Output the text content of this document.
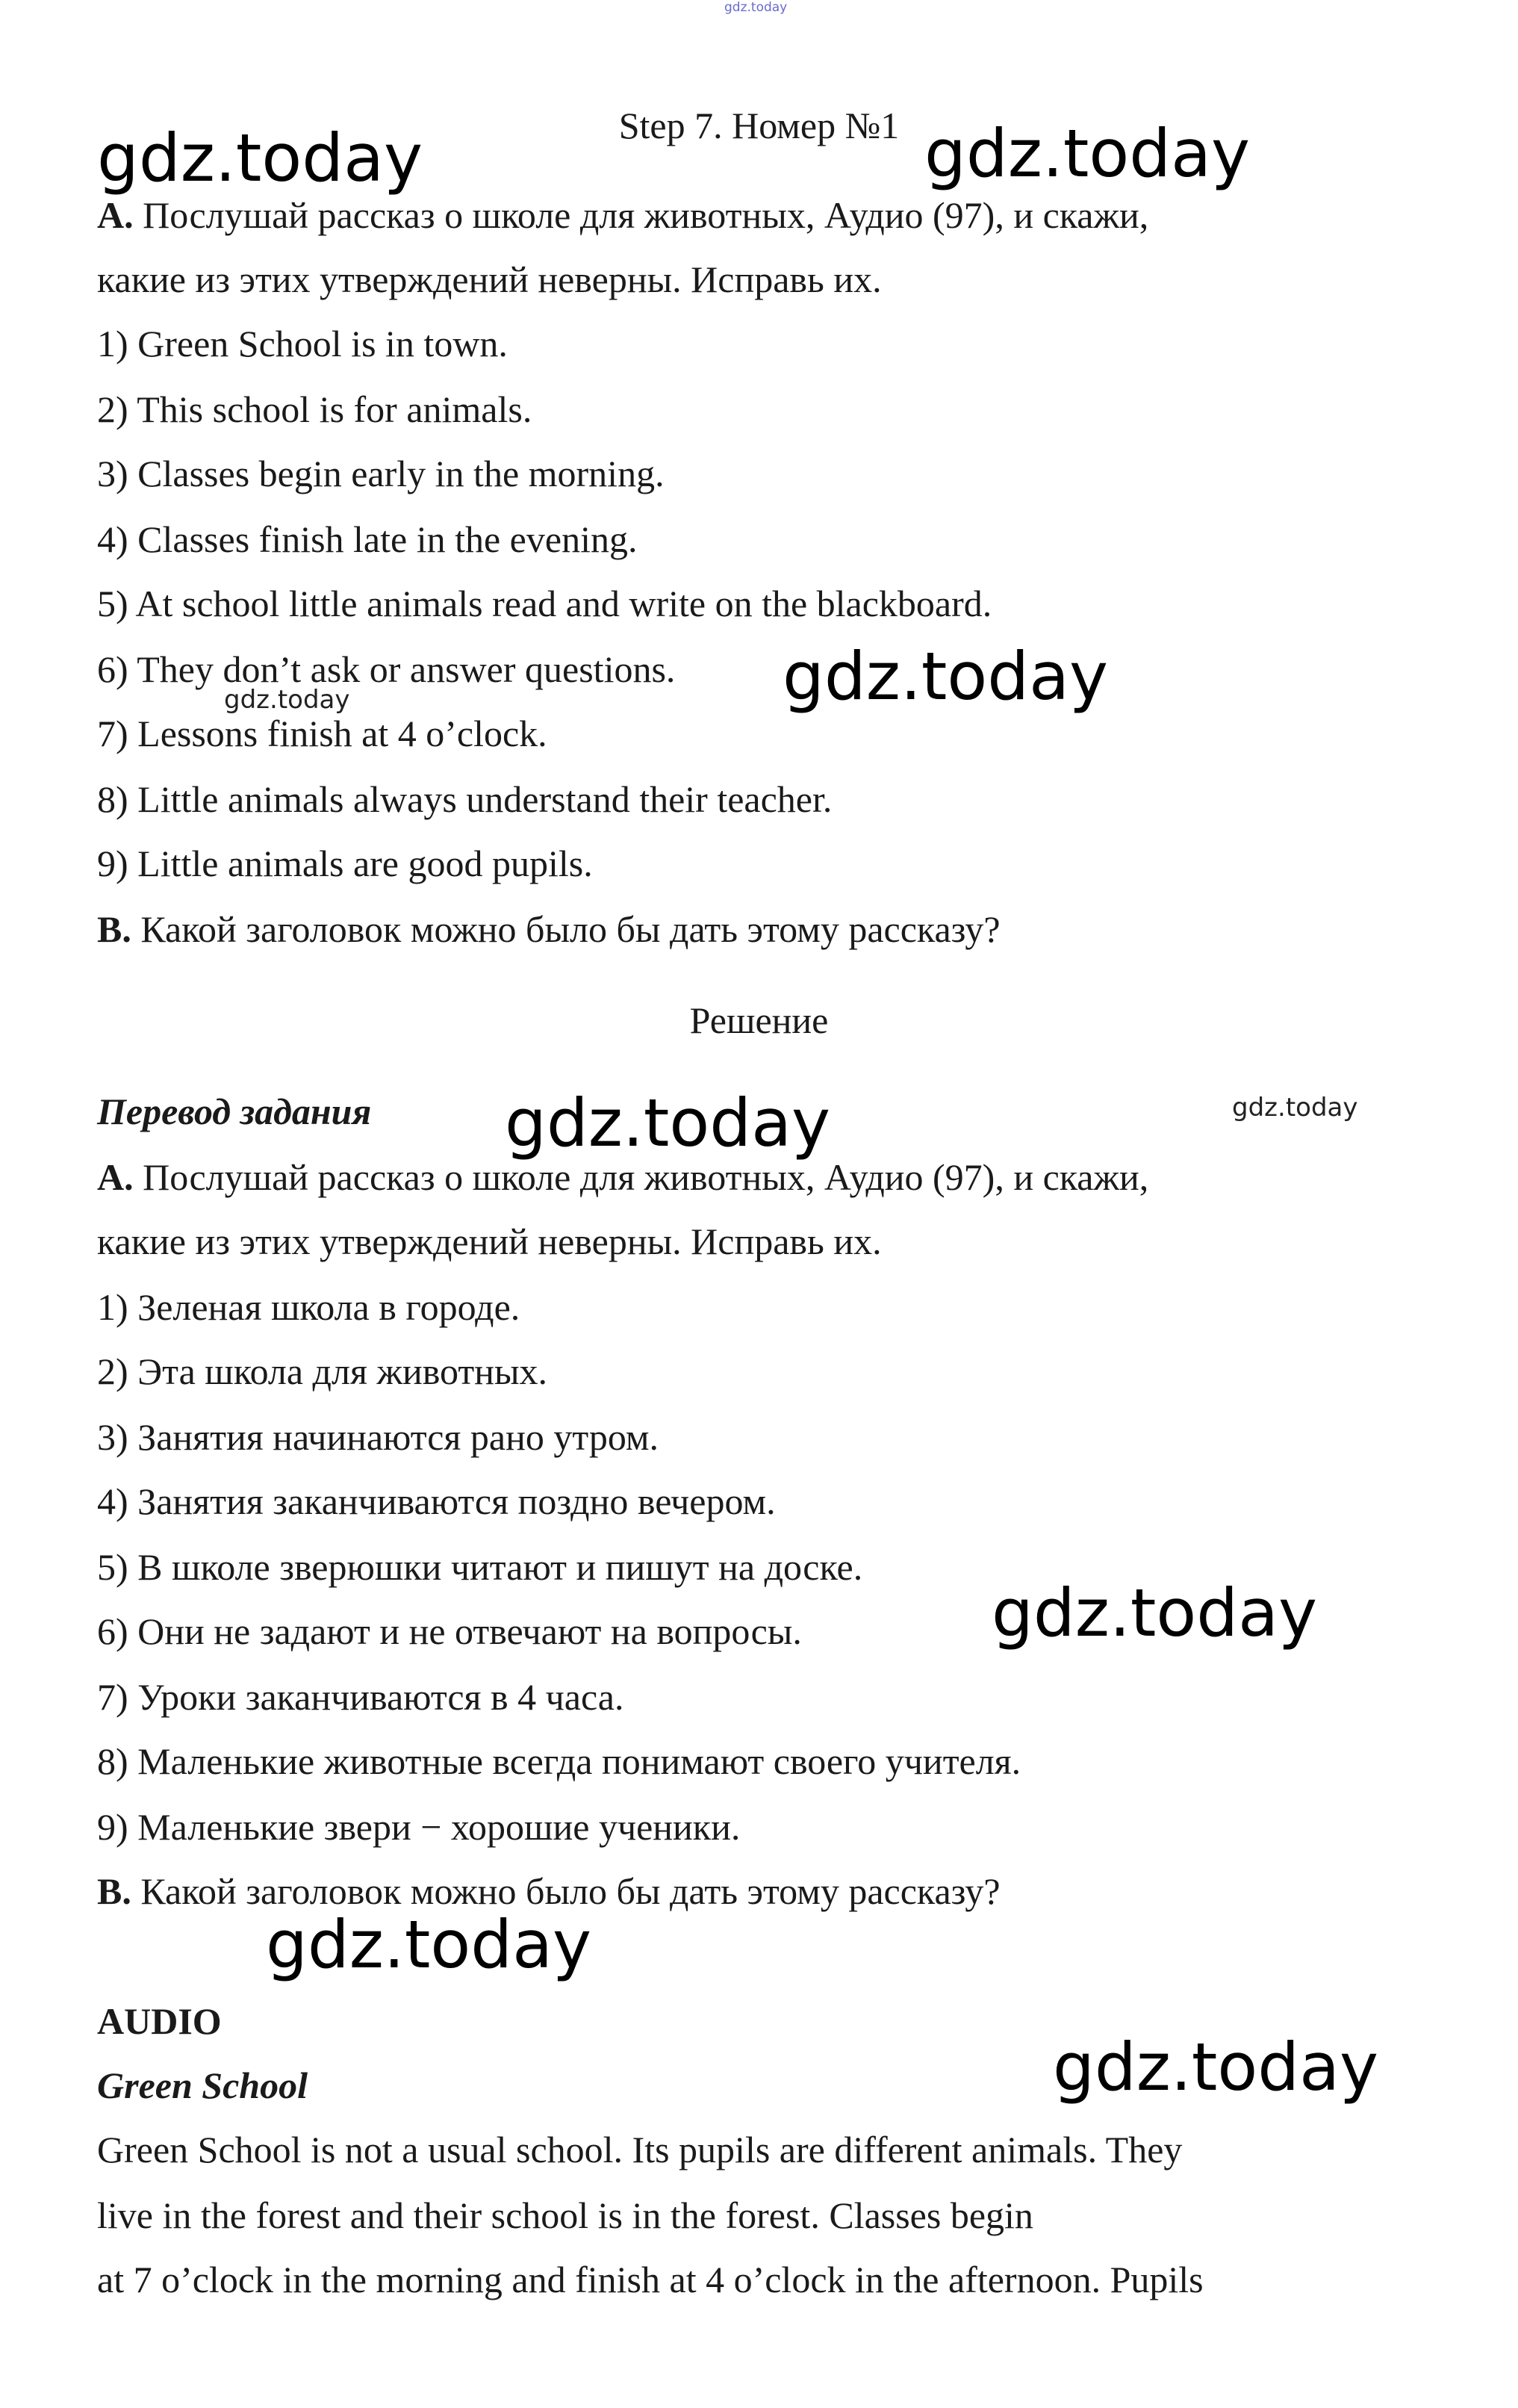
gdz.today

Step 7. Номер №1

A. Послушай рассказ о школе для животных, Аудио (97), и скажи,

какие из этих утверждений неверны. Исправь их.

1) Green School is in town.

2) This school is for animals.

3) Classes begin early in the morning.

4) Classes finish late in the evening.

5) At school little animals read and write on the blackboard.

6) They don’t ask or answer questions.

7) Lessons finish at 4 o’clock.

8) Little animals always understand their teacher.

9) Little animals are good pupils.

B. Какой заголовок можно было бы дать этому рассказу?

Решение

Перевод задания

A. Послушай рассказ о школе для животных, Аудио (97), и скажи,

какие из этих утверждений неверны. Исправь их.

1) Зеленая школа в городе.

2) Эта школа для животных.

3) Занятия начинаются рано утром.

4) Занятия заканчиваются поздно вечером.

5) В школе зверюшки читают и пишут на доске.

6) Они не задают и не отвечают на вопросы.

7) Уроки заканчиваются в 4 часа.

8) Маленькие животные всегда понимают своего учителя.

9) Маленькие звери − хорошие ученики.

B. Какой заголовок можно было бы дать этому рассказу?

AUDIO

Green School

Green School is not a usual school. Its pupils are different animals. They

live in the forest and their school is in the forest. Classes begin

at 7 o’clock in the morning and finish at 4 o’clock in the afternoon. Pupils

gdz.today	gdz.today

gdz.today

gdz.today

gdz.today

gdz.today

gdz.today

gdz.today

gdz.today
